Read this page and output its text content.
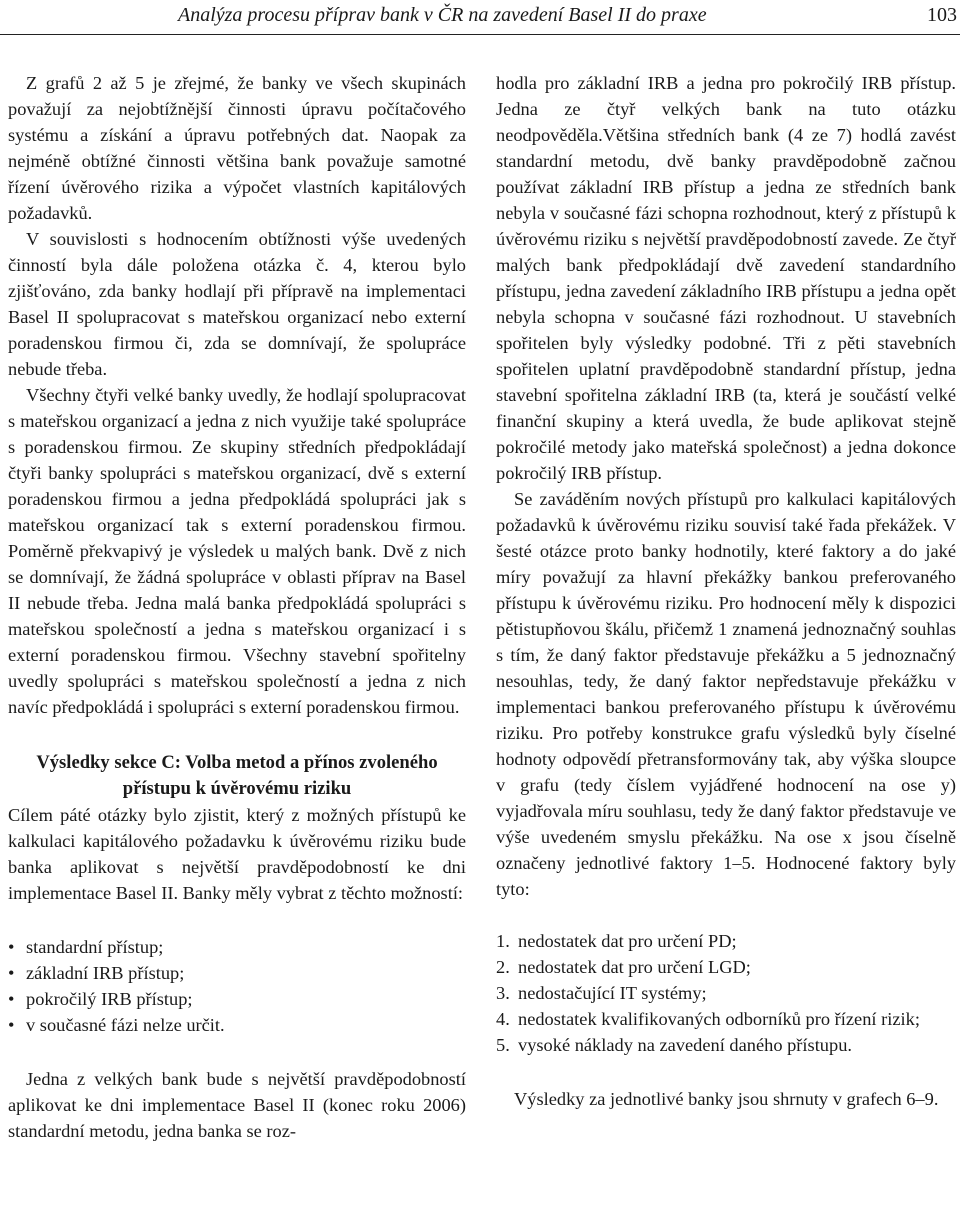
Analýza procesu příprav bank v ČR na zavedení Basel II do praxe	103

Z grafů 2 až 5 je zřejmé, že banky ve všech skupinách považují za nejobtížnější činnosti úpravu počítačového systému a získání a úpravu potřebných dat. Naopak za nejméně obtížné činnosti většina bank považuje samotné řízení úvěrového rizika a výpočet vlastních kapitálových požadavků.

V souvislosti s hodnocením obtížnosti výše uvedených činností byla dále položena otázka č. 4, kterou bylo zjišťováno, zda banky hodlají při přípravě na implementaci Basel II spolupracovat s mateřskou organizací nebo externí poradenskou firmou či, zda se domnívají, že spolupráce nebude třeba.

Všechny čtyři velké banky uvedly, že hodlají spolupracovat s mateřskou organizací a jedna z nich využije také spolupráce s poradenskou firmou. Ze skupiny středních předpokládají čtyři banky spolupráci s mateřskou organizací, dvě s externí poradenskou firmou a jedna předpokládá spolupráci jak s mateřskou organizací tak s externí poradenskou firmou. Poměrně překvapivý je výsledek u malých bank. Dvě z nich se domnívají, že žádná spolupráce v oblasti příprav na Basel II nebude třeba. Jedna malá banka předpokládá spolupráci s mateřskou společností a jedna s mateřskou organizací i s externí poradenskou firmou. Všechny stavební spořitelny uvedly spolupráci s mateřskou společností a jedna z nich navíc předpokládá i spolupráci s externí poradenskou firmou.

Výsledky sekce C: Volba metod a přínos zvoleného přístupu k úvěrovému riziku

Cílem páté otázky bylo zjistit, který z možných přístupů ke kalkulaci kapitálového požadavku k úvěrovému riziku bude banka aplikovat s největší pravděpodobností ke dni implementace Basel II. Banky měly vybrat z těchto možností:

• standardní přístup;
• základní IRB přístup;
• pokročilý IRB přístup;
• v současné fázi nelze určit.

Jedna z velkých bank bude s největší pravděpodobností aplikovat ke dni implementace Basel II (konec roku 2006) standardní metodu, jedna banka se roz-

hodla pro základní IRB a jedna pro pokročilý IRB přístup. Jedna ze čtyř velkých bank na tuto otázku neodpověděla.Většina středních bank (4 ze 7) hodlá zavést standardní metodu, dvě banky pravděpodobně začnou používat základní IRB přístup a jedna ze středních bank nebyla v současné fázi schopna rozhodnout, který z přístupů k úvěrovému riziku s největší pravděpodobností zavede. Ze čtyř malých bank předpokládají dvě zavedení standardního přístupu, jedna zavedení základního IRB přístupu a jedna opět nebyla schopna v současné fázi rozhodnout. U stavebních spořitelen byly výsledky podobné. Tři z pěti stavebních spořitelen uplatní pravděpodobně standardní přístup, jedna stavební spořitelna základní IRB (ta, která je součástí velké finanční skupiny a která uvedla, že bude aplikovat stejně pokročilé metody jako mateřská společnost) a jedna dokonce pokročilý IRB přístup.

Se zaváděním nových přístupů pro kalkulaci kapitálových požadavků k úvěrovému riziku souvisí také řada překážek. V šesté otázce proto banky hodnotily, které faktory a do jaké míry považují za hlavní překážky bankou preferovaného přístupu k úvěrovému riziku. Pro hodnocení měly k dispozici pětistupňovou škálu, přičemž 1 znamená jednoznačný souhlas s tím, že daný faktor představuje překážku a 5 jednoznačný nesouhlas, tedy, že daný faktor nepředstavuje překážku v implementaci bankou preferovaného přístupu k úvěrovému riziku. Pro potřeby konstrukce grafu výsledků byly číselné hodnoty odpovědí přetransformovány tak, aby výška sloupce v grafu (tedy číslem vyjádřené hodnocení na ose y) vyjadřovala míru souhlasu, tedy že daný faktor představuje ve výše uvedeném smyslu překážku. Na ose x jsou číselně označeny jednotlivé faktory 1–5. Hodnocené faktory byly tyto:

1. nedostatek dat pro určení PD;
2. nedostatek dat pro určení LGD;
3. nedostačující IT systémy;
4. nedostatek kvalifikovaných odborníků pro řízení rizik;
5. vysoké náklady na zavedení daného přístupu.

Výsledky za jednotlivé banky jsou shrnuty v grafech 6–9.
